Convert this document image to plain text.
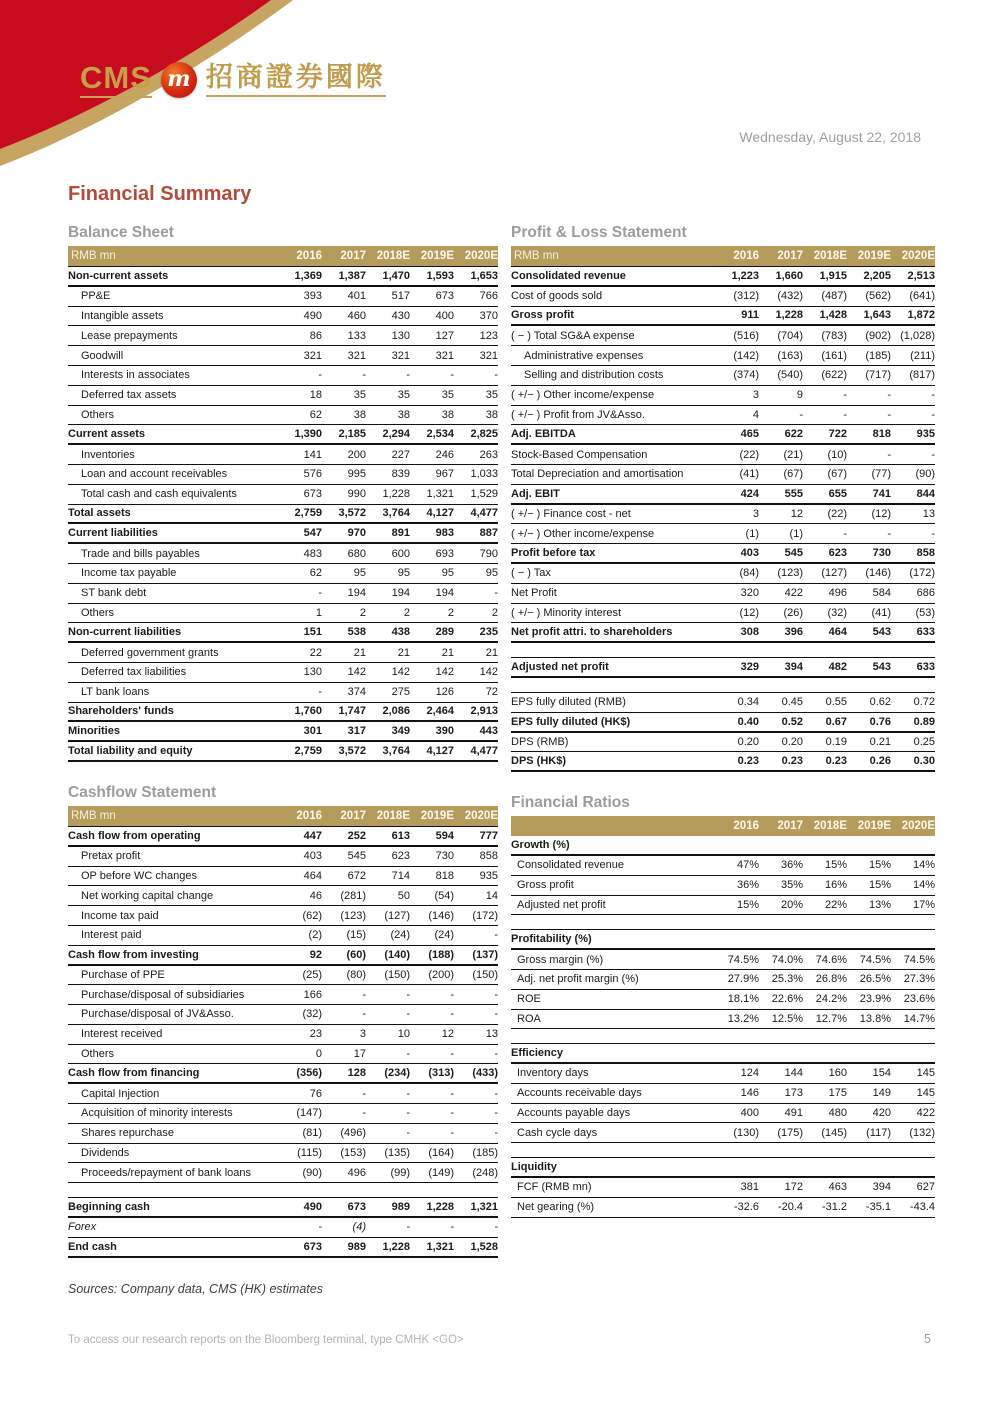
CMS m 招商證券國際
Wednesday, August 22, 2018
Financial Summary
Balance Sheet
RMB mn	2016	2017 2018E 2019E 2020E
Non-current assets	1,369	1,387	1,470	1,593	1,653
PP&E	393	401	517	673	766
Intangible assets	490	460	430	400	370
Lease prepayments	86	133	130	127	123
Goodwill	321	321	321	321	321
Interests in associates	-	-	-	-	-
Deferred tax assets	18	35	35	35	35
Others	62	38	38	38	38
Current assets	1,390	2,185	2,294	2,534	2,825
Inventories	141	200	227	246	263
Loan and account receivables	576	995	839	967	1,033
Total cash and cash equivalents	673	990	1,228	1,321	1,529
Total assets	2,759	3,572	3,764	4,127	4,477
Current liabilities	547	970	891	983	887
Trade and bills payables	483	680	600	693	790
Income tax payable	62	95	95	95	95
ST bank debt	-	194	194	194	-
Others	1	2	2	2	2
Non-current liabilities	151	538	438	289	235
Deferred government grants	22	21	21	21	21
Deferred tax liabilities	130	142	142	142	142
LT bank loans	-	374	275	126	72
Shareholders' funds	1,760	1,747	2,086	2,464	2,913
Minorities	301	317	349	390	443
Total liability and equity	2,759	3,572	3,764	4,127	4,477
Cashflow Statement
RMB mn	2016	2017 2018E 2019E 2020E
Cash flow from operating	447	252	613	594	777
Pretax profit	403	545	623	730	858
OP before WC changes	464	672	714	818	935
Net working capital change	46	(281)	50	(54)	14
Income tax paid	(62)	(123)	(127)	(146)	(172)
Interest paid	(2)	(15)	(24)	(24)	-
Cash flow from investing	92	(60)	(140)	(188)	(137)
Purchase of PPE	(25)	(80)	(150)	(200)	(150)
Purchase/disposal of subsidiaries	166	-	-	-	-
Purchase/disposal of JV&Asso.	(32)	-	-	-	-
Interest received	23	3	10	12	13
Others	0	17	-	-	-
Cash flow from financing	(356)	128	(234)	(313)	(433)
Capital Injection	76	-	-	-	-
Acquisition of minority interests	(147)	-	-	-	-
Shares repurchase	(81)	(496)	-	-	-
Dividends	(115)	(153)	(135)	(164)	(185)
Proceeds/repayment of bank loans	(90)	496	(99)	(149)	(248)
Beginning cash	490	673	989	1,228	1,321
Forex	-	(4)	-	-	-
End cash	673	989	1,228	1,321	1,528
Sources: Company data, CMS (HK) estimates
Profit & Loss Statement
RMB mn	2016	2017 2018E 2019E 2020E
Consolidated revenue	1,223	1,660	1,915	2,205	2,513
Cost of goods sold	(312)	(432)	(487)	(562)	(641)
Gross profit	911	1,228	1,428	1,643	1,872
( − ) Total SG&A expense	(516)	(704)	(783)	(902) (1,028)
Administrative expenses	(142)	(163)	(161)	(185)	(211)
Selling and distribution costs	(374)	(540)	(622)	(717)	(817)
( +/− ) Other income/expense	3	9	-	-	-
( +/− ) Profit from JV&Asso.	4	-	-	-	-
Adj. EBITDA	465	622	722	818	935
Stock-Based Compensation	(22)	(21)	(10)	-	-
Total Depreciation and amortisation	(41)	(67)	(67)	(77)	(90)
Adj. EBIT	424	555	655	741	844
( +/− ) Finance cost - net	3	12	(22)	(12)	13
( +/− ) Other income/expense	(1)	(1)	-	-	-
Profit before tax	403	545	623	730	858
( − ) Tax	(84)	(123)	(127)	(146)	(172)
Net Profit	320	422	496	584	686
( +/− ) Minority interest	(12)	(26)	(32)	(41)	(53)
Net profit attri. to shareholders	308	396	464	543	633
Adjusted net profit	329	394	482	543	633
EPS fully diluted (RMB)	0.34	0.45	0.55	0.62	0.72
EPS fully diluted (HK$)	0.40	0.52	0.67	0.76	0.89
DPS (RMB)	0.20	0.20	0.19	0.21	0.25
DPS (HK$)	0.23	0.23	0.23	0.26	0.30
Financial Ratios
2016	2017 2018E 2019E 2020E
Growth (%)
Consolidated revenue	47%	36%	15%	15%	14%
Gross profit	36%	35%	16%	15%	14%
Adjusted net profit	15%	20%	22%	13%	17%
Profitability (%)
Gross margin (%)	74.5%	74.0%	74.6%	74.5%	74.5%
Adj. net profit margin (%)	27.9%	25.3%	26.8%	26.5%	27.3%
ROE	18.1%	22.6%	24.2%	23.9%	23.6%
ROA	13.2%	12.5%	12.7%	13.8%	14.7%
Efficiency
Inventory days	124	144	160	154	145
Accounts receivable days	146	173	175	149	145
Accounts payable days	400	491	480	420	422
Cash cycle days	(130)	(175)	(145)	(117)	(132)
Liquidity
FCF (RMB mn)	381	172	463	394	627
Net gearing (%)	-32.6	-20.4	-31.2	-35.1	-43.4
To access our research reports on the Bloomberg terminal, type CMHK <GO>	5
